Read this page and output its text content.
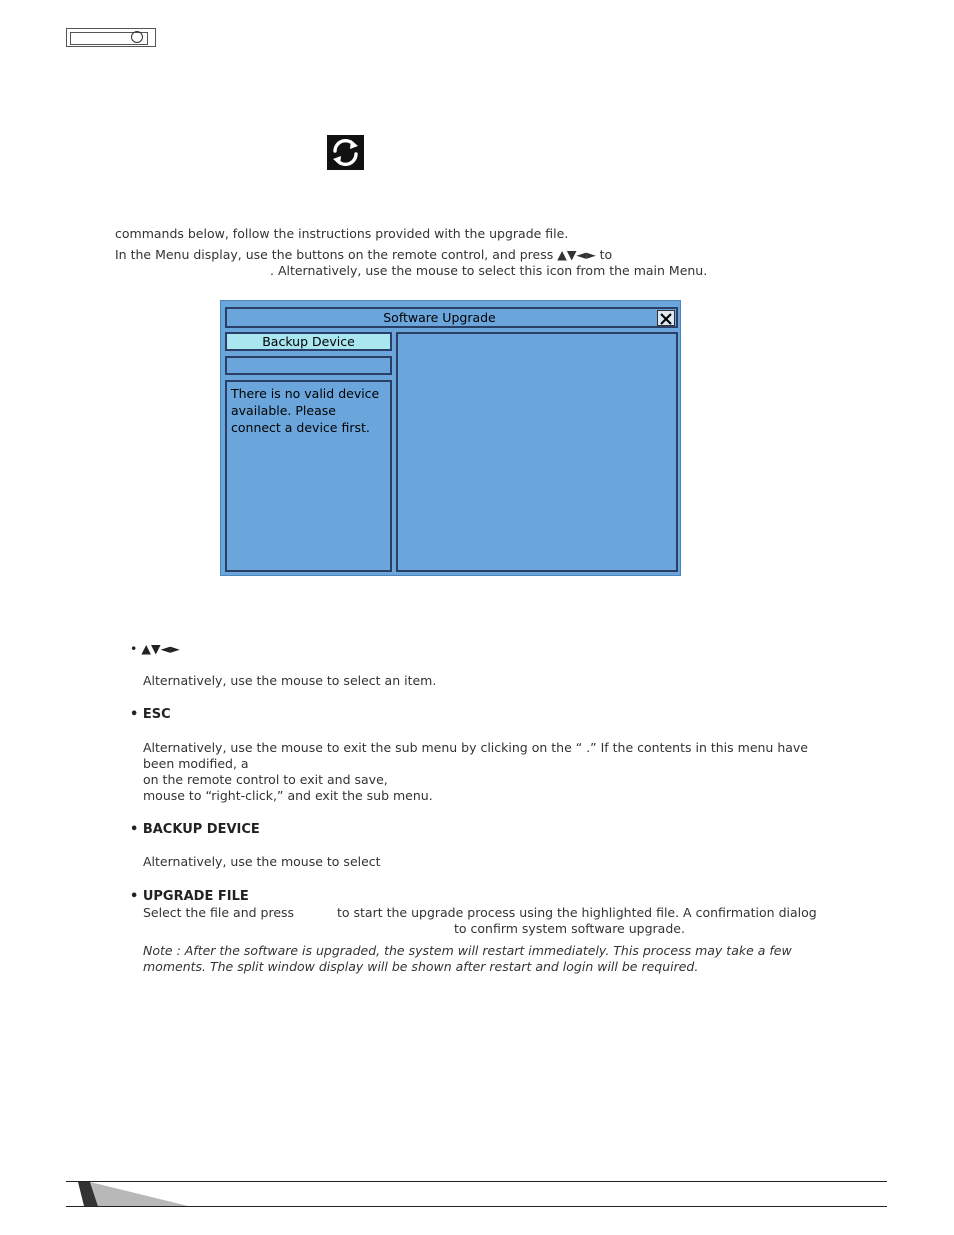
commands below, follow the instructions provided with the upgrade file.
In the Menu display, use the buttons on the remote control, and press ▲▼◄► to
. Alternatively, use the mouse to select this icon from the main Menu.
Software Upgrade
Backup Device

There is no valid device available. Please connect a device first.

• ▲▼◄►
Alternatively, use the mouse to select an item.
• ESC
Alternatively, use the mouse to exit the sub menu by clicking on the “ .” If the contents in this menu have
been modified, a
on the remote control to exit and save,
mouse to “right-click,” and exit the sub menu.
• BACKUP DEVICE
Alternatively, use the mouse to select
• UPGRADE FILE
Select the file and press	to start the upgrade process using the highlighted file. A confirmation dialog
to confirm system software upgrade.
Note : After the software is upgraded, the system will restart immediately. This process may take a few
moments. The split window display will be shown after restart and login will be required.
